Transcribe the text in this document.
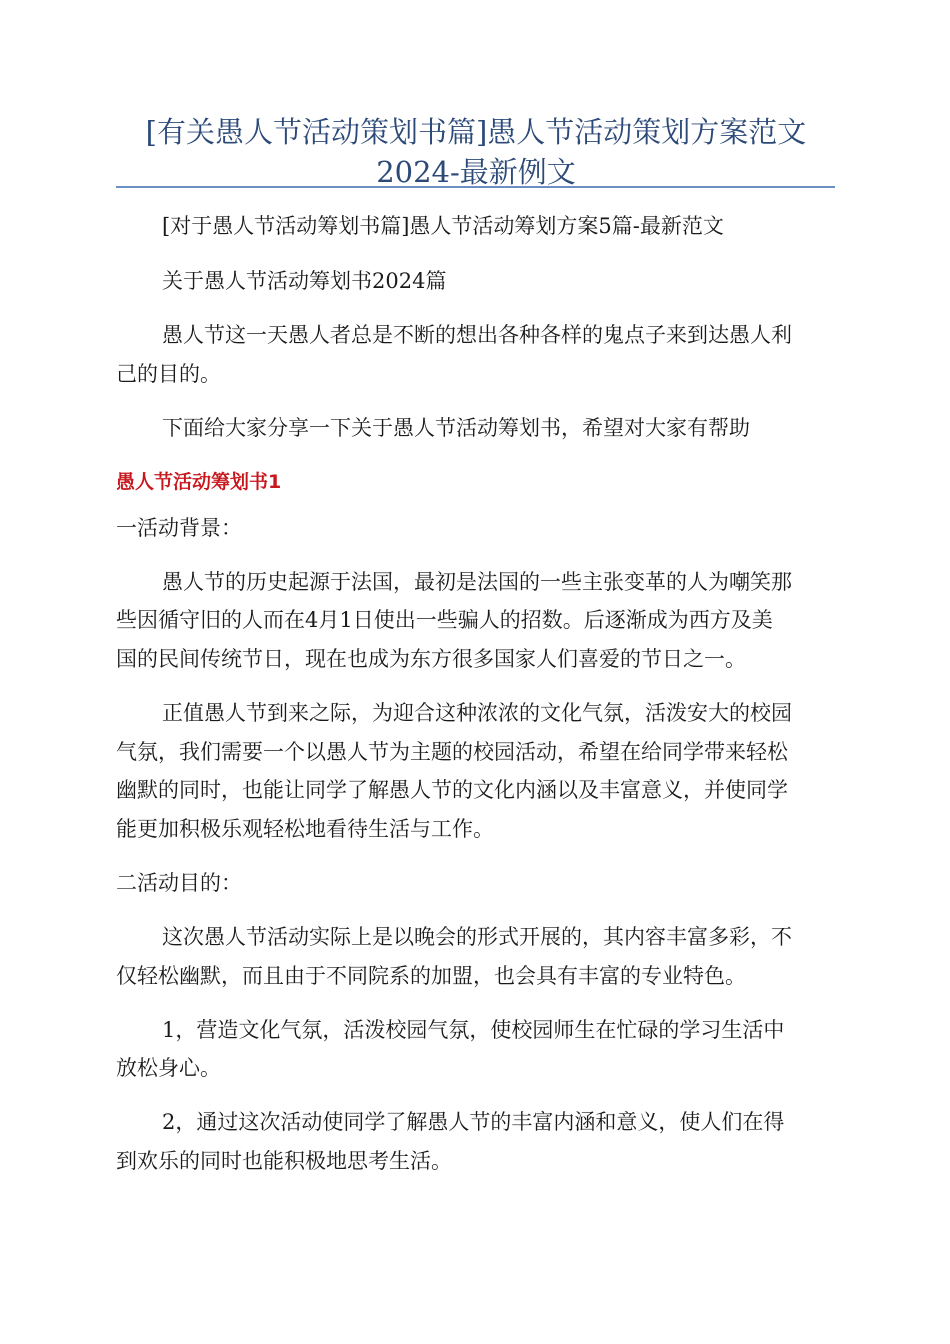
[有关愚人节活动策划书篇]愚人节活动策划方案范文
2024-最新例文

[对于愚人节活动筹划书篇]愚人节活动筹划方案5篇-最新范文

关于愚人节活动筹划书2024篇

愚人节这一天愚人者总是不断的想出各种各样的鬼点子来到达愚人利

己的目的。

下面给大家分享一下关于愚人节活动筹划书，希望对大家有帮助

愚人节活动筹划书1

一活动背景：

愚人节的历史起源于法国，最初是法国的一些主张变革的人为嘲笑那

些因循守旧的人而在4月1日使出一些骗人的招数。后逐渐成为西方及美

国的民间传统节日，现在也成为东方很多国家人们喜爱的节日之一。

正值愚人节到来之际，为迎合这种浓浓的文化气氛，活泼安大的校园

气氛，我们需要一个以愚人节为主题的校园活动，希望在给同学带来轻松

幽默的同时，也能让同学了解愚人节的文化内涵以及丰富意义，并使同学

能更加积极乐观轻松地看待生活与工作。

二活动目的：

这次愚人节活动实际上是以晚会的形式开展的，其内容丰富多彩，不

仅轻松幽默，而且由于不同院系的加盟，也会具有丰富的专业特色。

1，营造文化气氛，活泼校园气氛，使校园师生在忙碌的学习生活中

放松身心。

2，通过这次活动使同学了解愚人节的丰富内涵和意义，使人们在得

到欢乐的同时也能积极地思考生活。
